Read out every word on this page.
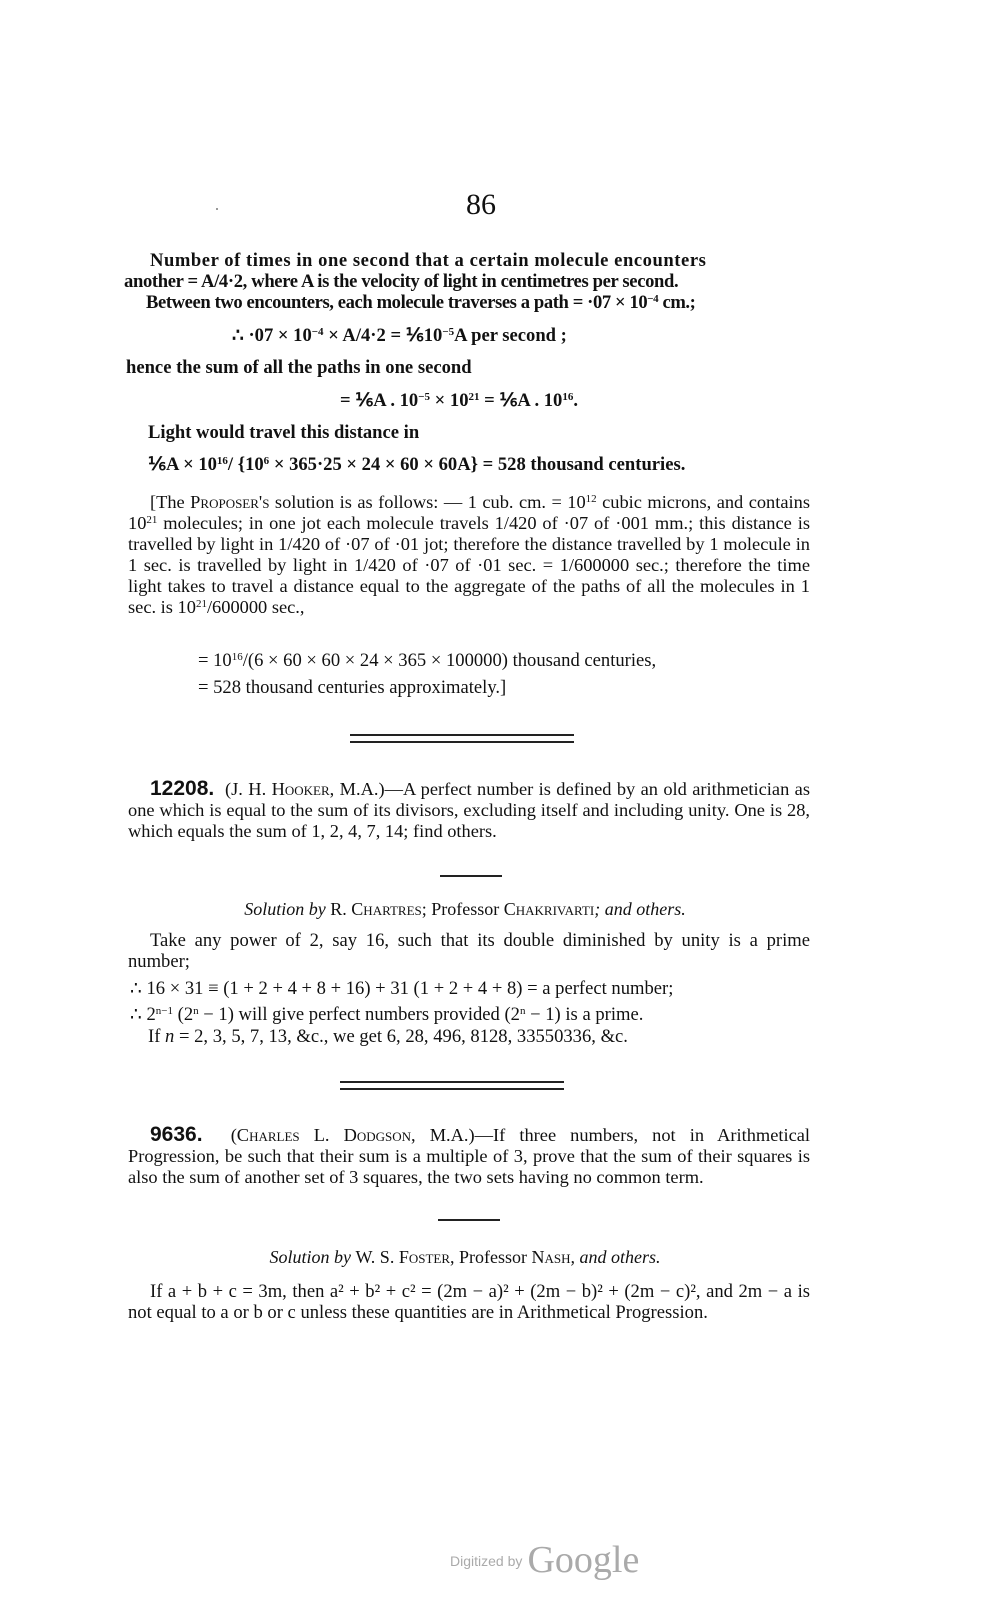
86
Number of times in one second that a certain molecule encounters
another = A/4·2, where A is the velocity of light in centimetres per second.
Between two encounters, each molecule traverses a path = $\cdot 07 \times 10^{-4}$ cm.;
∴ $\cdot 07 \times 10^{-4} \times A/4\cdot 2$ = $\frac{1}{6}10^{-5}A$ per second ;
hence the sum of all the paths in one second
= ⅙A . $10^{-5} \times 10^{21}$ = ⅙A . $10^{16}$.
Light would travel this distance in
⅙A × $10^{16}/$ $\{10^6 \times 365\cdot 25 \times 24 \times 60 \times 60A\} = 528$ thousand centuries.

[The Proposer's solution is as follows: — 1 cub. cm. = $10^{12}$ cubic microns, and contains $10^{21}$ molecules; in one jot each molecule travels 1/420 of ·07 of ·001 mm.; this distance is travelled by light in 1/420 of ·07 of ·01 jot; therefore the distance travelled by 1 molecule in 1 sec. is travelled by light in 1/420 of ·07 of ·01 sec. = 1/600000 sec.; therefore the time light takes to travel a distance equal to the aggregate of the paths of all the molecules in 1 sec. is $10^{21}/600000$ sec.,

= $10^{16}/(6 \times 60 \times 60 \times 24 \times 365 \times 100000)$ thousand centuries,
= 528 thousand centuries approximately.]

12208. (J. H. Hooker, M.A.)—A perfect number is defined by an old arithmetician as one which is equal to the sum of its divisors, excluding itself and including unity. One is 28, which equals the sum of 1, 2, 4, 7, 14; find others.

Solution by R. Chartres; Professor Chakrivarti; and others.

Take any power of 2, say 16, such that its double diminished by unity is a prime number;

∴ 16 × 31 ≡ (1 + 2 + 4 + 8 + 16) + 31 (1 + 2 + 4 + 8) = a perfect number;
∴ $2^{n-1}$ $(2^n - 1)$ will give perfect numbers provided $(2^n - 1)$ is a prime.
If n = 2, 3, 5, 7, 13, &c., we get 6, 28, 496, 8128, 33550336, &c.

9636. (Charles L. Dodgson, M.A.)—If three numbers, not in Arithmetical Progression, be such that their sum is a multiple of 3, prove that the sum of their squares is also the sum of another set of 3 squares, the two sets having no common term.

Solution by W. S. Foster, Professor Nash, and others.

If a + b + c = 3m, then a² + b² + c² = (2m − a)² + (2m − b)² + (2m − c)², and 2m − a is not equal to a or b or c unless these quantities are in Arithmetical Progression.

Digitized by Google
